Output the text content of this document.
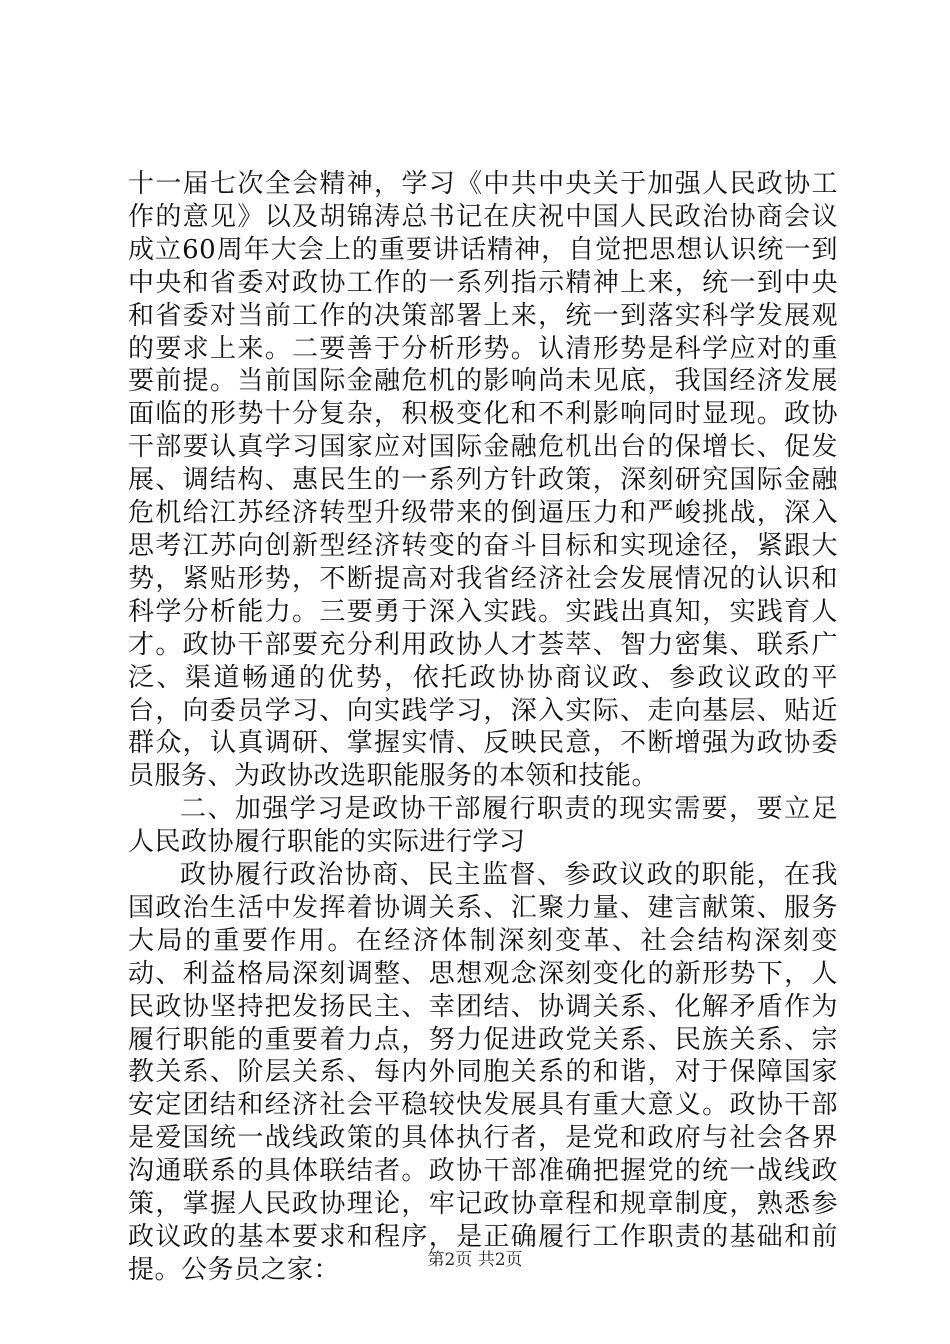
十一届七次全会精神，学习《中共中央关于加强人民政协工作的意见》以及胡锦涛总书记在庆祝中国人民政治协商会议成立60周年大会上的重要讲话精神，自觉把思想认识统一到中央和省委对政协工作的一系列指示精神上来，统一到中央和省委对当前工作的决策部署上来，统一到落实科学发展观的要求上来。二要善于分析形势。认清形势是科学应对的重要前提。当前国际金融危机的影响尚未见底，我国经济发展面临的形势十分复杂，积极变化和不利影响同时显现。政协干部要认真学习国家应对国际金融危机出台的保增长、促发展、调结构、惠民生的一系列方针政策，深刻研究国际金融危机给江苏经济转型升级带来的倒逼压力和严峻挑战，深入思考江苏向创新型经济转变的奋斗目标和实现途径，紧跟大势，紧贴形势，不断提高对我省经济社会发展情况的认识和科学分析能力。三要勇于深入实践。实践出真知，实践育人才。政协干部要充分利用政协人才荟萃、智力密集、联系广泛、渠道畅通的优势，依托政协协商议政、参政议政的平台，向委员学习、向实践学习，深入实际、走向基层、贴近群众，认真调研、掌握实情、反映民意，不断增强为政协委员服务、为政协改选职能服务的本领和技能。

二、加强学习是政协干部履行职责的现实需要，要立足人民政协履行职能的实际进行学习

政协履行政治协商、民主监督、参政议政的职能，在我国政治生活中发挥着协调关系、汇聚力量、建言献策、服务大局的重要作用。在经济体制深刻变革、社会结构深刻变动、利益格局深刻调整、思想观念深刻变化的新形势下，人民政协坚持把发扬民主、幸团结、协调关系、化解矛盾作为履行职能的重要着力点，努力促进政党关系、民族关系、宗教关系、阶层关系、每内外同胞关系的和谐，对于保障国家安定团结和经济社会平稳较快发展具有重大意义。政协干部是爱国统一战线政策的具体执行者，是党和政府与社会各界沟通联系的具体联结者。政协干部准确把握党的统一战线政策，掌握人民政协理论，牢记政协章程和规章制度，熟悉参政议政的基本要求和程序，是正确履行工作职责的基础和前提。公务员之家：	第2页 共2页
